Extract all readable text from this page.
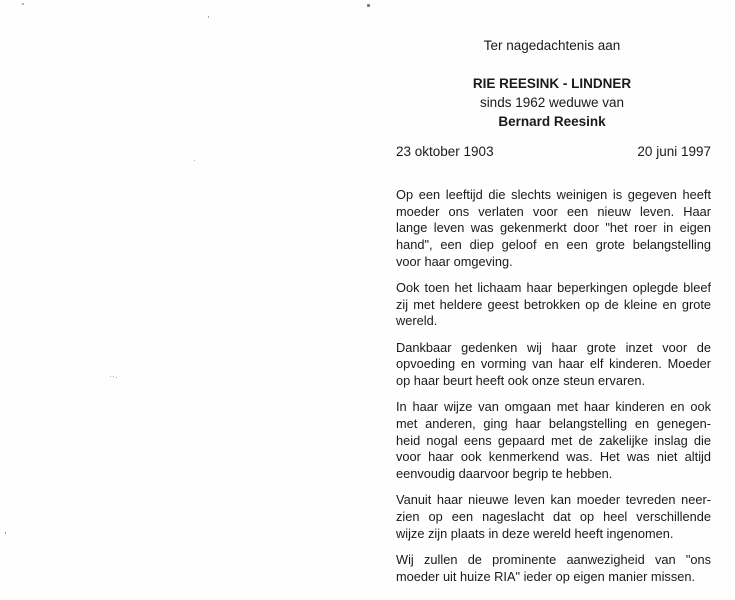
Ter nagedachtenis aan
RIE REESINK - LINDNER
sinds 1962 weduwe van
Bernard Reesink
23 oktober 1903	20 juni 1997
Op een leeftijd die slechts weinigen is gegeven heeft
moeder ons verlaten voor een nieuw leven. Haar
lange leven was gekenmerkt door "het roer in eigen
hand", een diep geloof en een grote belangstelling
voor haar omgeving.
Ook toen het lichaam haar beperkingen oplegde bleef
zij met heldere geest betrokken op de kleine en grote
wereld.
Dankbaar gedenken wij haar grote inzet voor de
opvoeding en vorming van haar elf kinderen. Moeder
op haar beurt heeft ook onze steun ervaren.
In haar wijze van omgaan met haar kinderen en ook
met anderen, ging haar belangstelling en genegen-
heid nogal eens gepaard met de zakelijke inslag die
voor haar ook kenmerkend was. Het was niet altijd
eenvoudig daarvoor begrip te hebben.
Vanuit haar nieuwe leven kan moeder tevreden neer-
zien op een nageslacht dat op heel verschillende
wijze zijn plaats in deze wereld heeft ingenomen.
Wij zullen de prominente aanwezigheid van "ons
moeder uit huize RIA" ieder op eigen manier missen.
